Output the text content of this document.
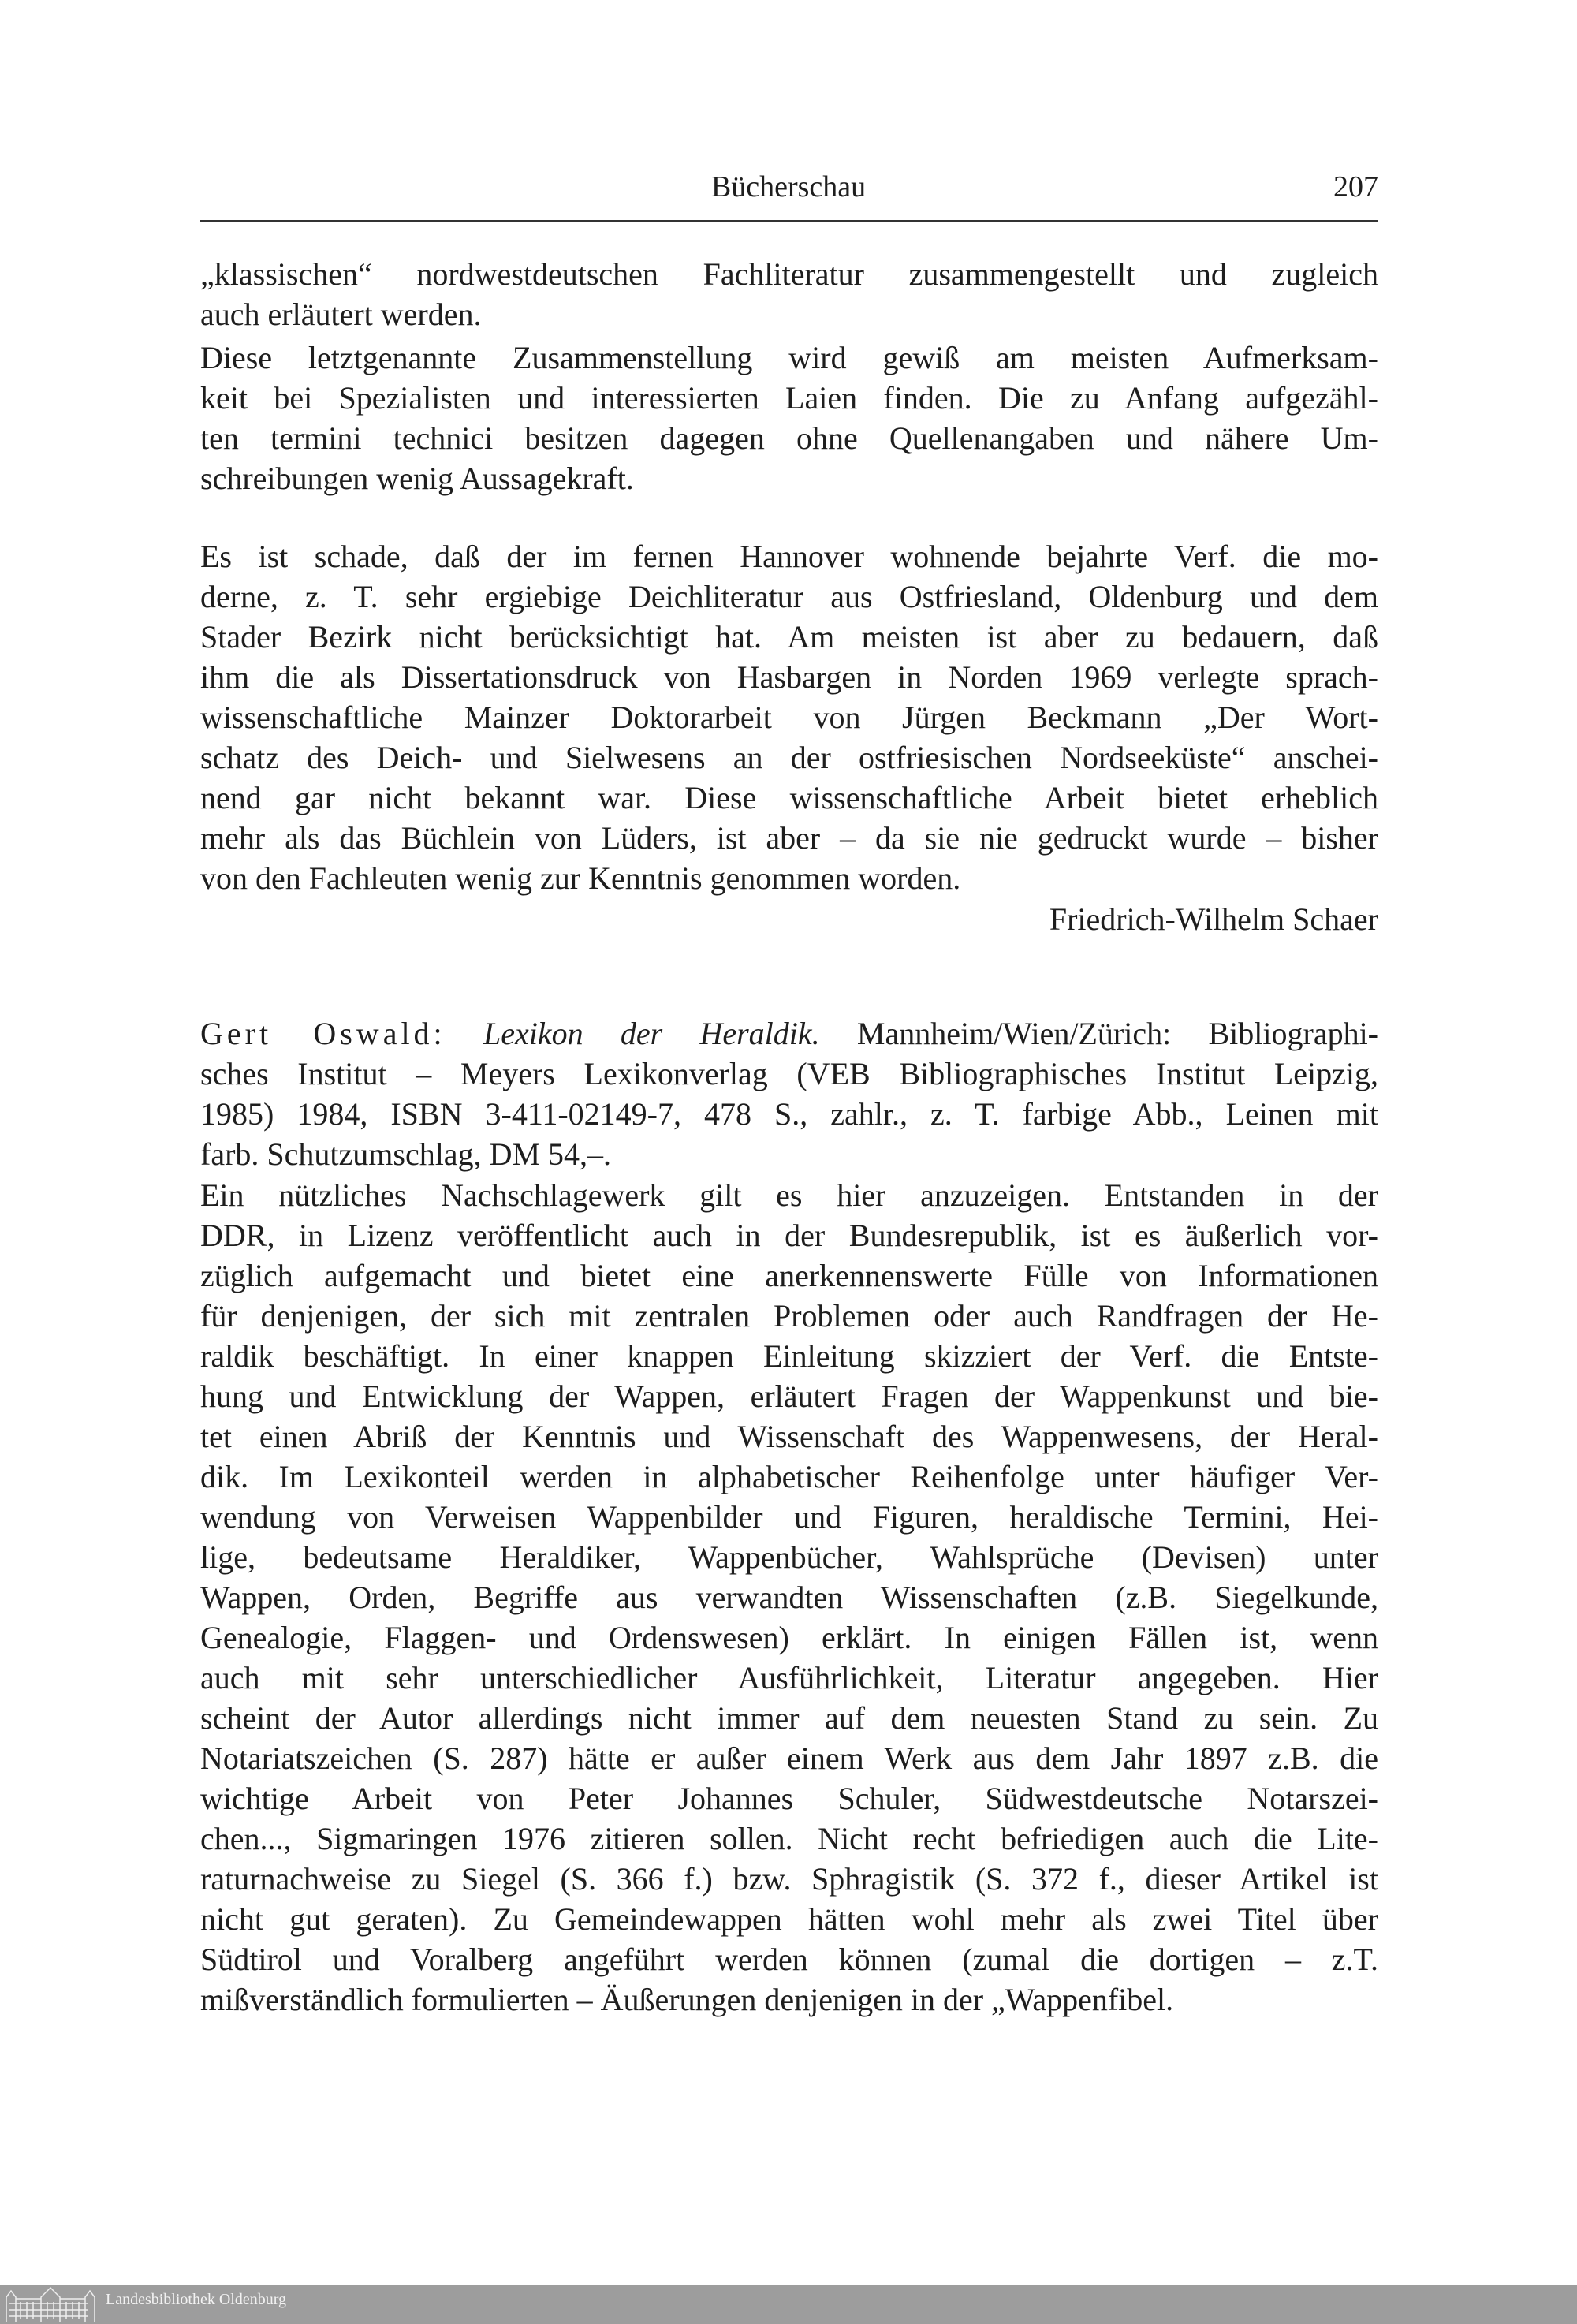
Bücherschau	207
„klassischen“ nordwestdeutschen Fachliteratur zusammengestellt und zugleich
auch erläutert werden.
Diese letztgenannte Zusammenstellung wird gewiß am meisten Aufmerksam-
keit bei Spezialisten und interessierten Laien finden. Die zu Anfang aufgezähl-
ten termini technici besitzen dagegen ohne Quellenangaben und nähere Um-
schreibungen wenig Aussagekraft.
Es ist schade, daß der im fernen Hannover wohnende bejahrte Verf. die mo-
derne, z. T. sehr ergiebige Deichliteratur aus Ostfriesland, Oldenburg und dem
Stader Bezirk nicht berücksichtigt hat. Am meisten ist aber zu bedauern, daß
ihm die als Dissertationsdruck von Hasbargen in Norden 1969 verlegte sprach-
wissenschaftliche Mainzer Doktorarbeit von Jürgen Beckmann „Der Wort-
schatz des Deich- und Sielwesens an der ostfriesischen Nordseeküste“ anschei-
nend gar nicht bekannt war. Diese wissenschaftliche Arbeit bietet erheblich
mehr als das Büchlein von Lüders, ist aber – da sie nie gedruckt wurde – bisher
von den Fachleuten wenig zur Kenntnis genommen worden.
Friedrich-Wilhelm Schaer
Gert Oswald: Lexikon der Heraldik. Mannheim/Wien/Zürich: Bibliographi-
sches Institut – Meyers Lexikonverlag (VEB Bibliographisches Institut Leipzig,
1985) 1984, ISBN 3-411-02149-7, 478 S., zahlr., z. T. farbige Abb., Leinen mit
farb. Schutzumschlag, DM 54,–.
Ein nützliches Nachschlagewerk gilt es hier anzuzeigen. Entstanden in der
DDR, in Lizenz veröffentlicht auch in der Bundesrepublik, ist es äußerlich vor-
züglich aufgemacht und bietet eine anerkennenswerte Fülle von Informationen
für denjenigen, der sich mit zentralen Problemen oder auch Randfragen der He-
raldik beschäftigt. In einer knappen Einleitung skizziert der Verf. die Entste-
hung und Entwicklung der Wappen, erläutert Fragen der Wappenkunst und bie-
tet einen Abriß der Kenntnis und Wissenschaft des Wappenwesens, der Heral-
dik. Im Lexikonteil werden in alphabetischer Reihenfolge unter häufiger Ver-
wendung von Verweisen Wappenbilder und Figuren, heraldische Termini, Hei-
lige, bedeutsame Heraldiker, Wappenbücher, Wahlsprüche (Devisen) unter
Wappen, Orden, Begriffe aus verwandten Wissenschaften (z.B. Siegelkunde,
Genealogie, Flaggen- und Ordenswesen) erklärt. In einigen Fällen ist, wenn
auch mit sehr unterschiedlicher Ausführlichkeit, Literatur angegeben. Hier
scheint der Autor allerdings nicht immer auf dem neuesten Stand zu sein. Zu
Notariatszeichen (S. 287) hätte er außer einem Werk aus dem Jahr 1897 z.B. die
wichtige Arbeit von Peter Johannes Schuler, Südwestdeutsche Notarszei-
chen..., Sigmaringen 1976 zitieren sollen. Nicht recht befriedigen auch die Lite-
raturnachweise zu Siegel (S. 366 f.) bzw. Sphragistik (S. 372 f., dieser Artikel ist
nicht gut geraten). Zu Gemeindewappen hätten wohl mehr als zwei Titel über
Südtirol und Voralberg angeführt werden können (zumal die dortigen – z.T.
mißverständlich formulierten – Äußerungen denjenigen in der „Wappenfibel.
Landesbibliothek Oldenburg
